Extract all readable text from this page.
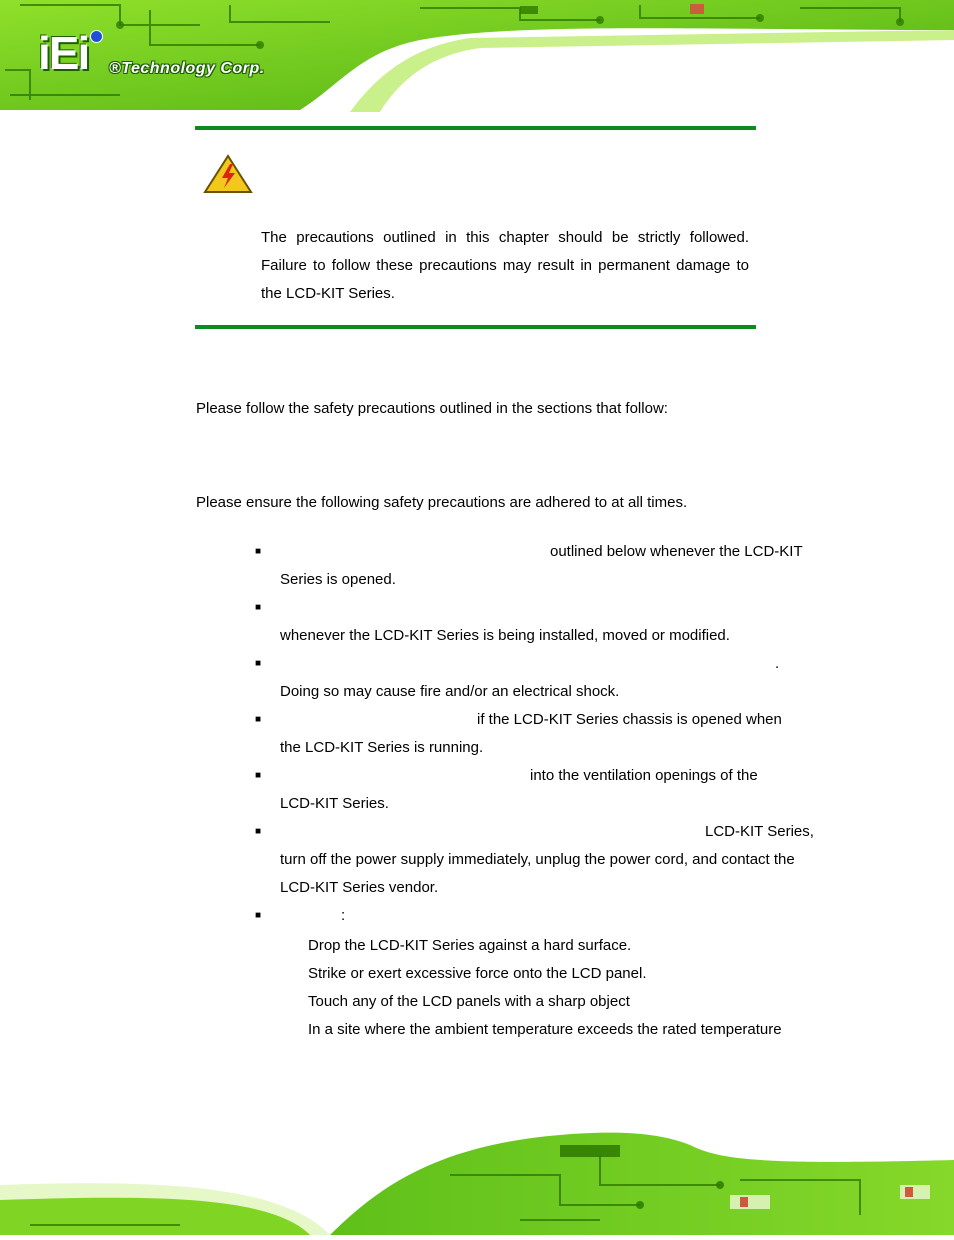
iEi ®Technology Corp.
The precautions outlined in this chapter should be strictly followed. Failure to follow these precautions may result in permanent damage to the LCD-KIT Series.
Please follow the safety precautions outlined in the sections that follow:
Please ensure the following safety precautions are adhered to at all times.
■	outlined below whenever the LCD-KIT
Series is opened.
■
whenever the LCD-KIT Series is being installed, moved or modified.
■	.
Doing so may cause fire and/or an electrical shock.
■	if the LCD-KIT Series chassis is opened when
the LCD-KIT Series is running.
■	into the ventilation openings of the
LCD-KIT Series.
■	LCD-KIT Series,
turn off the power supply immediately, unplug the power cord, and contact the
LCD-KIT Series vendor.
■	:
Drop the LCD-KIT Series against a hard surface.
Strike or exert excessive force onto the LCD panel.
Touch any of the LCD panels with a sharp object
In a site where the ambient temperature exceeds the rated temperature
